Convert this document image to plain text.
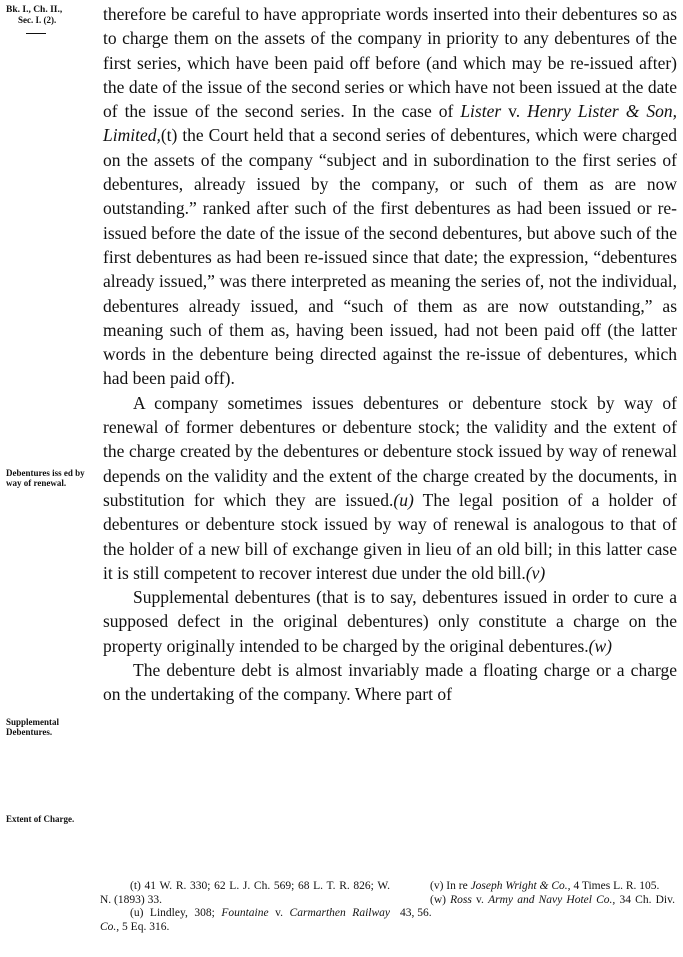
Bk. I., Ch. II.,
Sec. I. (2).
Debentures iss ed by way of renewal.
Supplemental Debentures.
Extent of Charge.

therefore be careful to have appropriate words inserted into their debentures so as to charge them on the assets of the company in priority to any debentures of the first series, which have been paid off before (and which may be re-issued after) the date of the issue of the second series or which have not been issued at the date of the issue of the second series. In the case of Lister v. Henry Lister & Son, Limited,(t) the Court held that a second series of debentures, which were charged on the assets of the company “subject and in subordination to the first series of debentures, already issued by the company, or such of them as are now outstanding.” ranked after such of the first debentures as had been issued or re-issued before the date of the issue of the second debentures, but above such of the first debentures as had been re-issued since that date; the expression, “debentures already issued,” was there interpreted as meaning the series of, not the individual, debentures already issued, and “such of them as are now outstanding,” as meaning such of them as, having been issued, had not been paid off (the latter words in the debenture being directed against the re-issue of debentures, which had been paid off).

A company sometimes issues debentures or debenture stock by way of renewal of former debentures or debenture stock; the validity and the extent of the charge created by the debentures or debenture stock issued by way of renewal depends on the validity and the extent of the charge created by the documents, in substitution for which they are issued.(u) The legal position of a holder of debentures or debenture stock issued by way of renewal is analogous to that of the holder of a new bill of exchange given in lieu of an old bill; in this latter case it is still competent to recover interest due under the old bill.(v)

Supplemental debentures (that is to say, debentures issued in order to cure a supposed defect in the original debentures) only constitute a charge on the property originally intended to be charged by the original debentures.(w)

The debenture debt is almost invariably made a floating charge or a charge on the undertaking of the company. Where part of

(t) 41 W. R. 330; 62 L. J. Ch. 569; 68 L. T. R. 826; W. N. (1893) 33.
(u) Lindley, 308; Fountaine v. Carmarthen Railway Co., 5 Eq. 316.
(v) In re Joseph Wright & Co., 4 Times L. R. 105.
(w) Ross v. Army and Navy Hotel Co., 34 Ch. Div. 43, 56.
